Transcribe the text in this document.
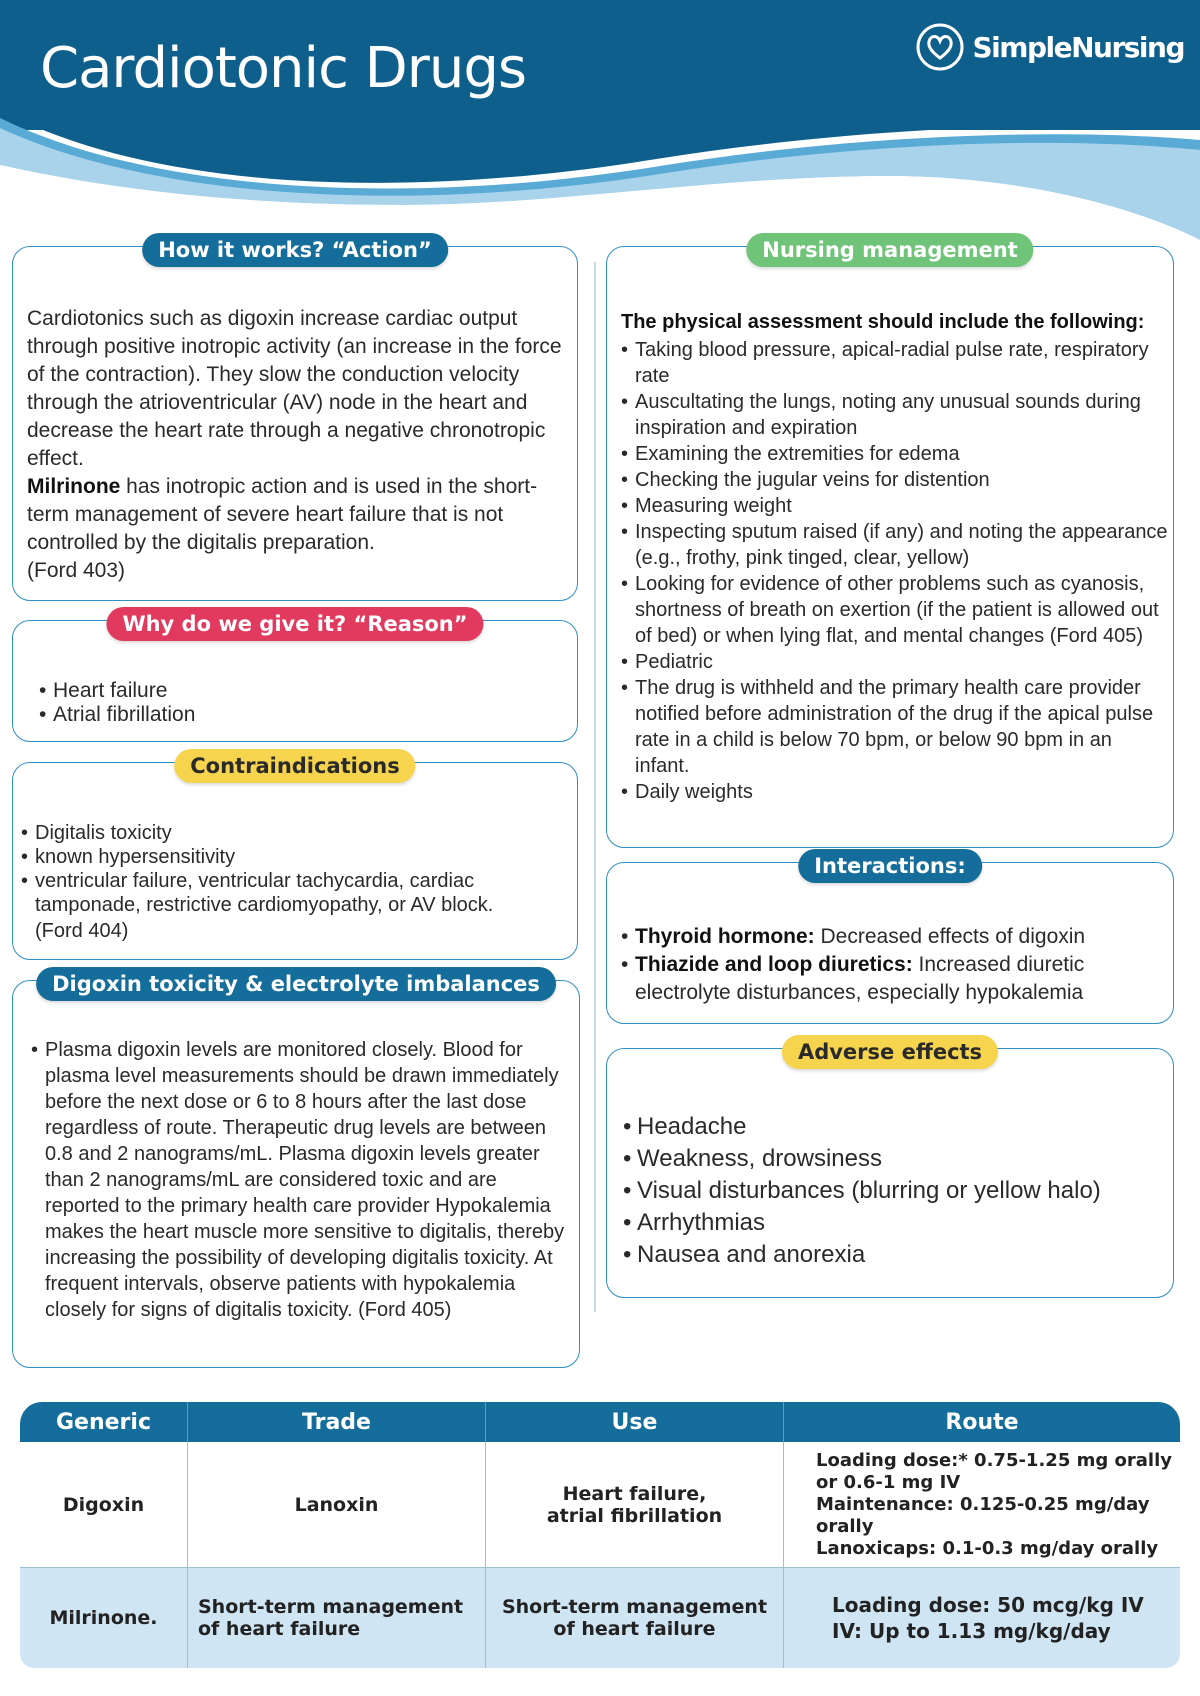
Cardiotonic Drugs	SimpleNursing
How it works? “Action”
Cardiotonics such as digoxin increase cardiac output through positive inotropic activity (an increase in the force of the contraction). They slow the conduction velocity through the atrioventricular (AV) node in the heart and decrease the heart rate through a negative chronotropic effect.
Milrinone has inotropic action and is used in the short-term management of severe heart failure that is not controlled by the digitalis preparation.
(Ford 403)
Why do we give it? “Reason”
• Heart failure
• Atrial fibrillation
Contraindications
• Digitalis toxicity
• known hypersensitivity
• ventricular failure, ventricular tachycardia, cardiac tamponade, restrictive cardiomyopathy, or AV block.
(Ford 404)
Digoxin toxicity & electrolyte imbalances
• Plasma digoxin levels are monitored closely. Blood for plasma level measurements should be drawn immediately before the next dose or 6 to 8 hours after the last dose regardless of route. Therapeutic drug levels are between 0.8 and 2 nanograms/mL. Plasma digoxin levels greater than 2 nanograms/mL are considered toxic and are reported to the primary health care provider Hypokalemia makes the heart muscle more sensitive to digitalis, thereby increasing the possibility of developing digitalis toxicity. At frequent intervals, observe patients with hypokalemia closely for signs of digitalis toxicity. (Ford 405)
Nursing management
The physical assessment should include the following:
• Taking blood pressure, apical-radial pulse rate, respiratory rate
• Auscultating the lungs, noting any unusual sounds during inspiration and expiration
• Examining the extremities for edema
• Checking the jugular veins for distention
• Measuring weight
• Inspecting sputum raised (if any) and noting the appearance (e.g., frothy, pink tinged, clear, yellow)
• Looking for evidence of other problems such as cyanosis, shortness of breath on exertion (if the patient is allowed out of bed) or when lying flat, and mental changes (Ford 405)
• Pediatric
• The drug is withheld and the primary health care provider notified before administration of the drug if the apical pulse rate in a child is below 70 bpm, or below 90 bpm in an infant.
• Daily weights
Interactions:
• Thyroid hormone: Decreased effects of digoxin
• Thiazide and loop diuretics: Increased diuretic electrolyte disturbances, especially hypokalemia
Adverse effects
• Headache
• Weakness, drowsiness
• Visual disturbances (blurring or yellow halo)
• Arrhythmias
• Nausea and anorexia
Generic	Trade	Use	Route
Digoxin	Lanoxin	Heart failure, atrial fibrillation	Loading dose:* 0.75-1.25 mg orally or 0.6-1 mg IV
Maintenance: 0.125-0.25 mg/day orally
Lanoxicaps: 0.1-0.3 mg/day orally

Milrinone.	Short-term management of heart failure	Short-term management of heart failure	Loading dose: 50 mcg/kg IV
IV: Up to 1.13 mg/kg/day
